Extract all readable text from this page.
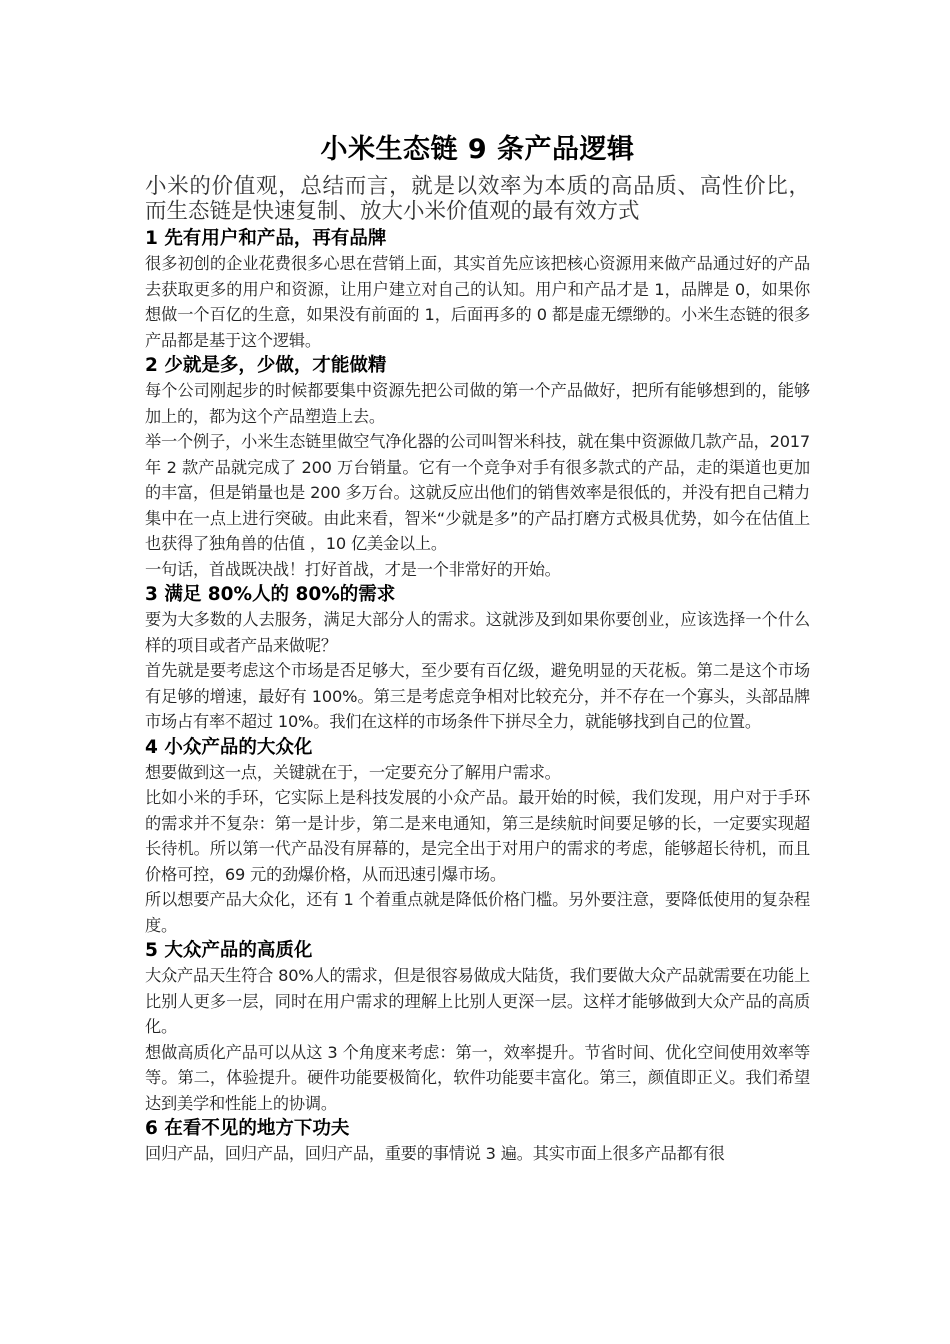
小米生态链 9 条产品逻辑

小米的价值观，总结而言，就是以效率为本质的高品质、高性价比，而生态链是快速复制、放大小米价值观的最有效方式

1 先有用户和产品，再有品牌

很多初创的企业花费很多心思在营销上面，其实首先应该把核心资源用来做产品通过好的产品去获取更多的用户和资源，让用户建立对自己的认知。用户和产品才是 1，品牌是 0，如果你想做一个百亿的生意，如果没有前面的 1，后面再多的 0 都是虚无缥缈的。小米生态链的很多产品都是基于这个逻辑。

2 少就是多，少做，才能做精

每个公司刚起步的时候都要集中资源先把公司做的第一个产品做好，把所有能够想到的，能够加上的，都为这个产品塑造上去。

举一个例子，小米生态链里做空气净化器的公司叫智米科技，就在集中资源做几款产品，2017 年 2 款产品就完成了 200 万台销量。它有一个竞争对手有很多款式的产品，走的渠道也更加的丰富，但是销量也是 200 多万台。这就反应出他们的销售效率是很低的，并没有把自己精力集中在一点上进行突破。由此来看，智米“少就是多”的产品打磨方式极具优势，如今在估值上也获得了独角兽的估值 ，10 亿美金以上。

一句话，首战既决战！打好首战，才是一个非常好的开始。

3 满足 80%人的 80%的需求

要为大多数的人去服务，满足大部分人的需求。这就涉及到如果你要创业，应该选择一个什么样的项目或者产品来做呢？

首先就是要考虑这个市场是否足够大，至少要有百亿级，避免明显的天花板。第二是这个市场有足够的增速，最好有 100%。第三是考虑竞争相对比较充分，并不存在一个寡头，头部品牌市场占有率不超过 10%。我们在这样的市场条件下拼尽全力，就能够找到自己的位置。

4 小众产品的大众化

想要做到这一点，关键就在于，一定要充分了解用户需求。

比如小米的手环，它实际上是科技发展的小众产品。最开始的时候，我们发现，用户对于手环的需求并不复杂：第一是计步，第二是来电通知，第三是续航时间要足够的长，一定要实现超长待机。所以第一代产品没有屏幕的，是完全出于对用户的需求的考虑，能够超长待机，而且价格可控，69 元的劲爆价格，从而迅速引爆市场。

所以想要产品大众化，还有 1 个着重点就是降低价格门槛。另外要注意，要降低使用的复杂程度。

5 大众产品的高质化

大众产品天生符合 80%人的需求，但是很容易做成大陆货，我们要做大众产品就需要在功能上比别人更多一层，同时在用户需求的理解上比别人更深一层。这样才能够做到大众产品的高质化。

想做高质化产品可以从这 3 个角度来考虑：第一，效率提升。节省时间、优化空间使用效率等等。第二，体验提升。硬件功能要极简化，软件功能要丰富化。第三，颜值即正义。我们希望达到美学和性能上的协调。

6 在看不见的地方下功夫

回归产品，回归产品，回归产品，重要的事情说 3 遍。其实市面上很多产品都有很
